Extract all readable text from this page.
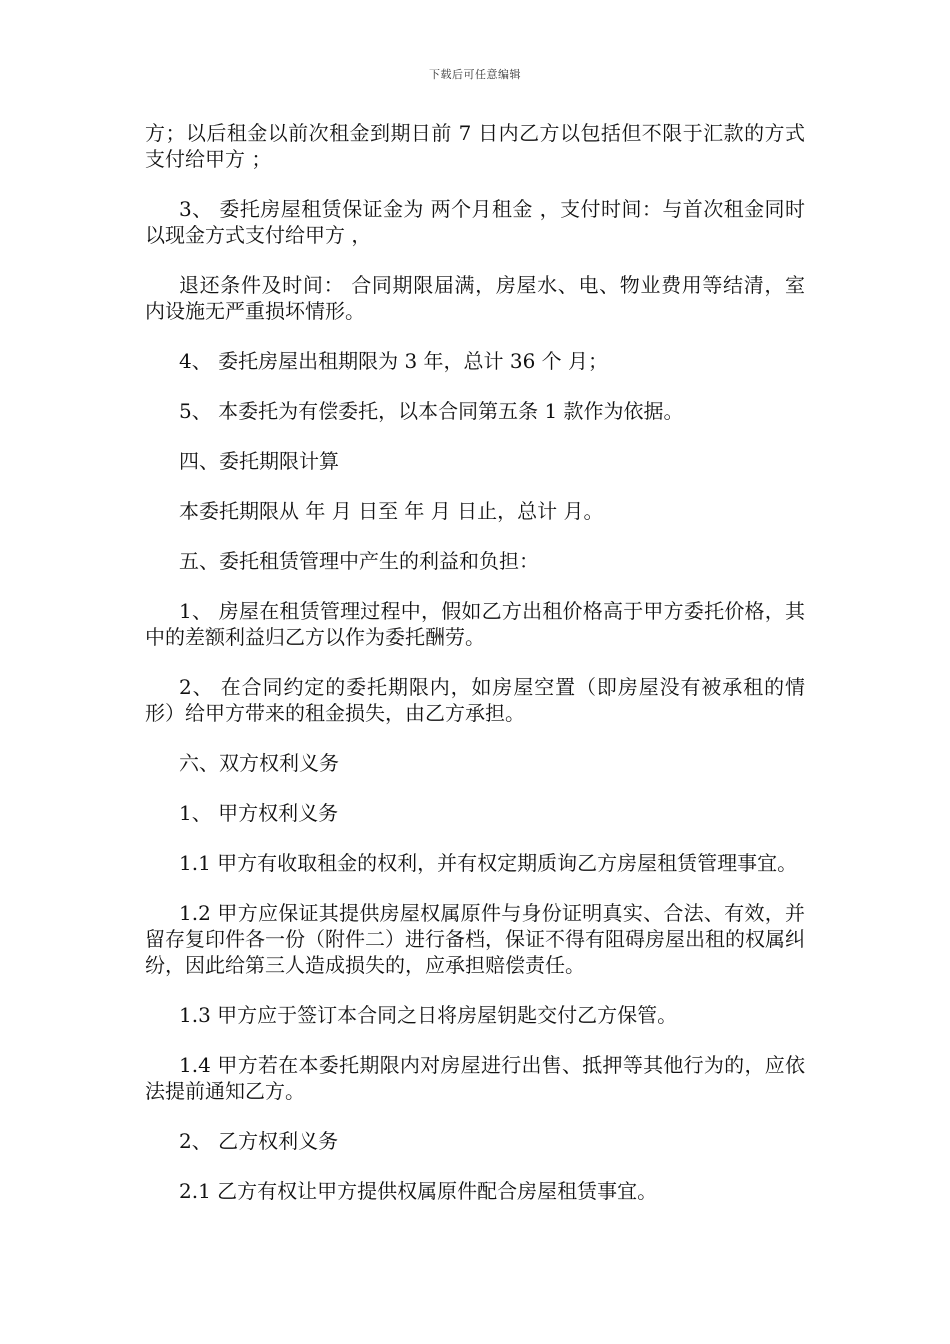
下载后可任意编辑

方；以后租金以前次租金到期日前 7 日内乙方以包括但不限于汇款的方式支付给甲方 ；

3、 委托房屋租赁保证金为 两个月租金 ，支付时间：与首次租金同时以现金方式支付给甲方 ，

退还条件及时间： 合同期限届满，房屋水、电、物业费用等结清，室内设施无严重损坏情形。

4、 委托房屋出租期限为 3 年，总计 36 个 月；

5、 本委托为有偿委托，以本合同第五条 1 款作为依据。

四、委托期限计算

本委托期限从 年 月 日至 年 月 日止，总计 月。

五、委托租赁管理中产生的利益和负担：

1、 房屋在租赁管理过程中，假如乙方出租价格高于甲方委托价格，其中的差额利益归乙方以作为委托酬劳。

2、 在合同约定的委托期限内，如房屋空置（即房屋没有被承租的情形）给甲方带来的租金损失，由乙方承担。

六、双方权利义务

1、 甲方权利义务

1.1 甲方有收取租金的权利，并有权定期质询乙方房屋租赁管理事宜。

1.2 甲方应保证其提供房屋权属原件与身份证明真实、合法、有效，并留存复印件各一份（附件二）进行备档，保证不得有阻碍房屋出租的权属纠纷，因此给第三人造成损失的，应承担赔偿责任。

1.3 甲方应于签订本合同之日将房屋钥匙交付乙方保管。

1.4 甲方若在本委托期限内对房屋进行出售、抵押等其他行为的，应依法提前通知乙方。

2、 乙方权利义务

2.1 乙方有权让甲方提供权属原件配合房屋租赁事宜。
